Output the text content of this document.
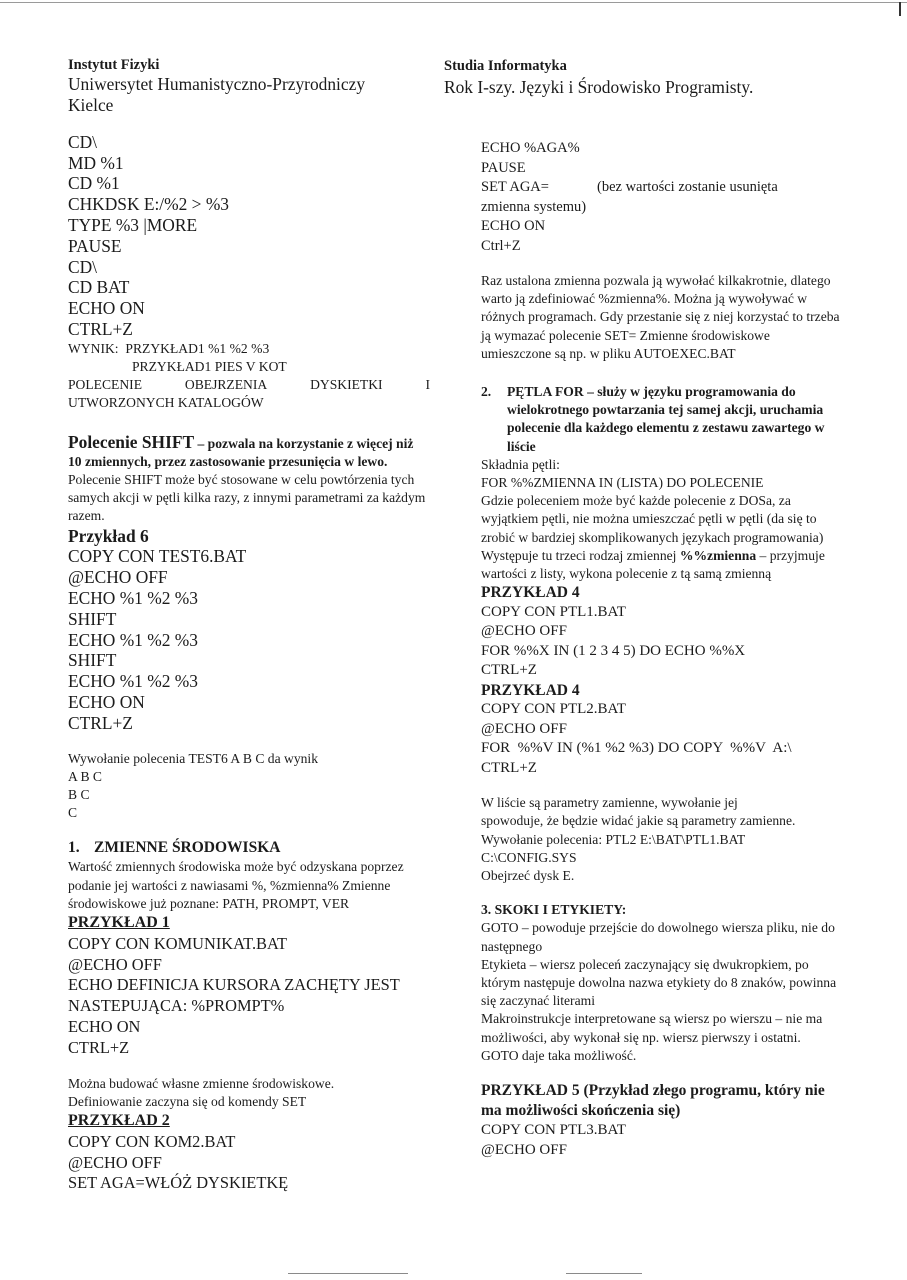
Instytut Fizyki
Uniwersytet Humanistyczno-Przyrodniczy
Kielce
CD\
MD %1
CD %1
CHKDSK E:/%2 > %3
TYPE %3 |MORE
PAUSE
CD\
CD BAT
ECHO ON
CTRL+Z
WYNIK:  PRZYKŁAD1 %1 %2 %3
PRZYKŁAD1 PIES V KOT
POLECENIE	OBEJRZENIA	DYSKIETKI	I
UTWORZONYCH KATALOGÓW
Polecenie SHIFT – pozwala na korzystanie z więcej niż 10 zmiennych, przez zastosowanie przesunięcia w lewo. Polecenie SHIFT może być stosowane w celu powtórzenia tych samych akcji w pętli kilka razy, z innymi parametrami za każdym razem.
Przykład 6
COPY CON TEST6.BAT
@ECHO OFF
ECHO %1 %2 %3
SHIFT
ECHO %1 %2 %3
SHIFT
ECHO %1 %2 %3
ECHO ON
CTRL+Z
Wywołanie polecenia TEST6 A B C da wynik
A B C
B C
C
1. ZMIENNE ŚRODOWISKA
Wartość zmiennych środowiska może być odzyskana poprzez podanie jej wartości z nawiasami %, %zmienna% Zmienne środowiskowe już poznane: PATH, PROMPT, VER
PRZYKŁAD 1
COPY CON KOMUNIKAT.BAT
@ECHO OFF
ECHO DEFINICJA KURSORA ZACHĘTY JEST
NASTEPUJĄCA: %PROMPT%
ECHO ON
CTRL+Z
Można budować własne zmienne środowiskowe.
Definiowanie zaczyna się od komendy SET
PRZYKŁAD 2
COPY CON KOM2.BAT
@ECHO OFF
SET AGA=WŁÓŻ DYSKIETKĘ
Studia Informatyka
Rok I-szy. Języki i Środowisko Programisty.
ECHO %AGA%
PAUSE
SET AGA=	(bez wartości zostanie usunięta
zmienna systemu)
ECHO ON
Ctrl+Z
Raz ustalona zmienna pozwala ją wywołać kilkakrotnie, dlatego warto ją zdefiniować %zmienna%. Można ją wywoływać w różnych programach. Gdy przestanie się z niej korzystać to trzeba ją wymazać polecenie SET= Zmienne środowiskowe umieszczone są np. w pliku AUTOEXEC.BAT
2.	PĘTLA FOR – służy w języku programowania do wielokrotnego powtarzania tej samej akcji, uruchamia polecenie dla każdego elementu z zestawu zawartego w liście
Składnia pętli:
FOR %%ZMIENNA IN (LISTA) DO POLECENIE
Gdzie poleceniem może być każde polecenie z DOSa, za wyjątkiem pętli, nie można umieszczać pętli w pętli (da się to zrobić w bardziej skomplikowanych językach programowania)
Występuje tu trzeci rodzaj zmiennej %%zmienna – przyjmuje wartości z listy, wykona polecenie z tą samą zmienną
PRZYKŁAD 4
COPY CON PTL1.BAT
@ECHO OFF
FOR %%X IN (1 2 3 4 5) DO ECHO %%X
CTRL+Z
PRZYKŁAD 4
COPY CON PTL2.BAT
@ECHO OFF
FOR  %%V IN (%1 %2 %3) DO COPY  %%V  A:\
CTRL+Z
W liście są parametry zamienne, wywołanie jej
spowoduje, że będzie widać jakie są parametry zamienne.
Wywołanie polecenia: PTL2 E:\BAT\PTL1.BAT
C:\CONFIG.SYS
Obejrzeć dysk E.
3. SKOKI I ETYKIETY:
GOTO – powoduje przejście do dowolnego wiersza pliku, nie do następnego
Etykieta – wiersz poleceń zaczynający się dwukropkiem, po którym następuje dowolna nazwa etykiety do 8 znaków, powinna się zaczynać literami
Makroinstrukcje interpretowane są wiersz po wierszu – nie ma możliwości, aby wykonał się np. wiersz pierwszy i ostatni. GOTO daje taka możliwość.
PRZYKŁAD 5 (Przykład złego programu, który nie ma możliwości skończenia się)
COPY CON PTL3.BAT
@ECHO OFF
